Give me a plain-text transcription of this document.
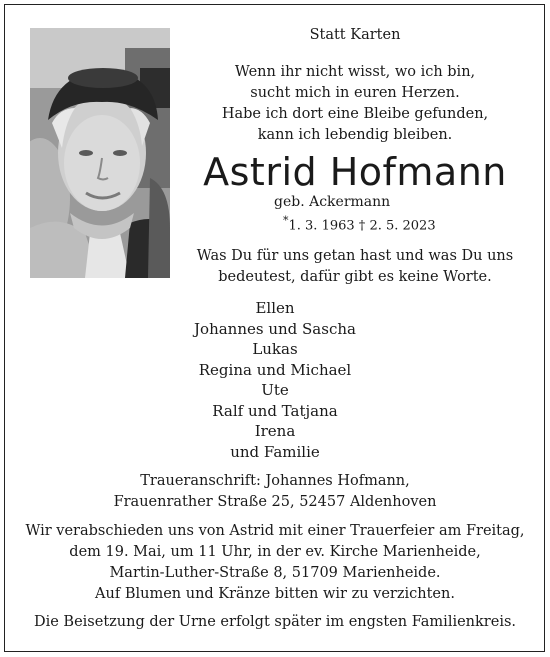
Statt Karten
Wenn ihr nicht wisst, wo ich bin,
sucht mich in euren Herzen.
Habe ich dort eine Bleibe gefunden,
kann ich lebendig bleiben.
Astrid Hofmann
geb. Ackermann
*1. 3. 1963 † 2. 5. 2023
Was Du für uns getan hast und was Du uns
bedeutest, dafür gibt es keine Worte.
Ellen
Johannes und Sascha
Lukas
Regina und Michael
Ute
Ralf und Tatjana
Irena
und Familie
Traueranschrift: Johannes Hofmann,
Frauenrather Straße 25, 52457 Aldenhoven
Wir verabschieden uns von Astrid mit einer Trauerfeier am Freitag,
dem 19. Mai, um 11 Uhr, in der ev. Kirche Marienheide,
Martin-Luther-Straße 8, 51709 Marienheide.
Auf Blumen und Kränze bitten wir zu verzichten.
Die Beisetzung der Urne erfolgt später im engsten Familienkreis.
